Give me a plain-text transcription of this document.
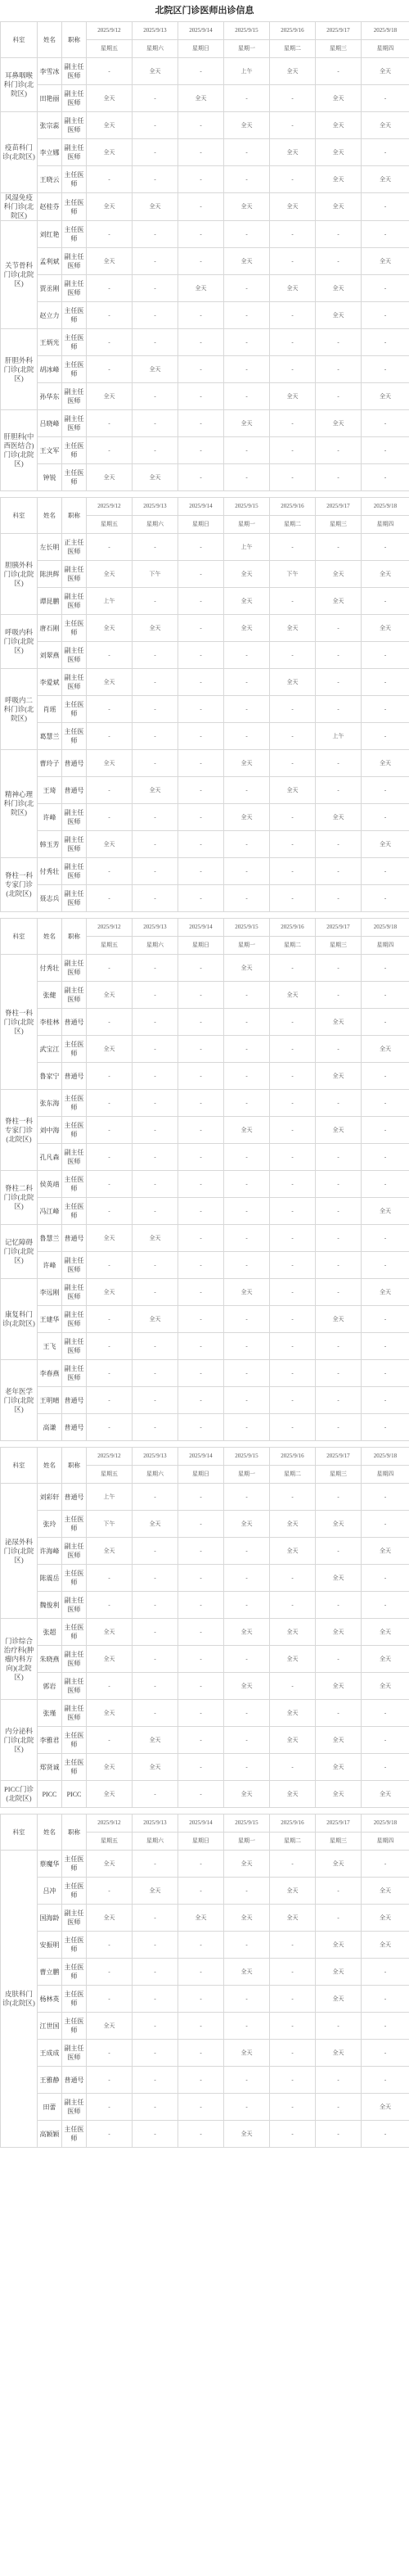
北院区门诊医师出诊信息
科室	姓名	职称	2025/9/12	2025/9/13	2025/9/14	2025/9/15	2025/9/16	2025/9/17	2025/9/18
			星期五	星期六	星期日	星期一	星期二	星期三	星期四
耳鼻咽喉科门诊(北院区)	李雪冰	副主任医师	-	全天	-	上午	全天	-	全天
	田艳丽	副主任医师	全天	-	全天	-	-	全天	-
疫苗科门诊(北院区)	张宗蕊	副主任医师	全天	-	-	全天	-	全天	全天
	李立娜	副主任医师	全天	-	-	-	全天	全天	-
	王晓云	主任医师	-	-	-	-	-	全天	全天
风湿免疫科门诊(北院区)	赵桂芬	主任医师	全天	全天	-	全天	全天	全天	-
关节骨科门诊(北院区)	刘红艳	主任医师	-	-	-	-	-	-	-
	孟利斌	副主任医师	全天	-	-	全天	-	-	全天
	贾丞刚	副主任医师	-	-	全天	-	全天	全天	-
	赵立力	主任医师	-	-	-	-	-	全天	-
肝胆外科门诊(北院区)	王炳光	主任医师	-	-	-	-	-	-	-
	胡冰峰	主任医师	-	全天	-	-	-	-	-
	孙华东	副主任医师	全天	-	-	-	全天	-	全天
肝胆科(中西医结合)门诊(北院区)	吕晓峰	副主任医师	-	-	-	全天	-	全天	-
	王文军	主任医师	-	-	-	-	-	-	-
	钟锐	主任医师	全天	全天	-	-	-	-	-

科室	姓名	职称	2025/9/12	2025/9/13	2025/9/14	2025/9/15	2025/9/16	2025/9/17	2025/9/18
			星期五	星期六	星期日	星期一	星期二	星期三	星期四
胆胰外科门诊(北院区)	左长明	正主任医师	-	-	-	上午	-	-	-
	陈洪辉	副主任医师	全天	下午	-	全天	下午	全天	全天
	谭昆鹏	副主任医师	上午	-	-	全天	-	全天	-
呼吸内科门诊(北院区)	唐石刚	主任医师	全天	全天	-	全天	全天	-	全天
	刘翠燕	副主任医师	-	-	-	-	-	-	-
呼吸内二科门诊(北院区)	李爱斌	副主任医师	全天	-	-	-	全天	-	-
	肖瑶	主任医师	-	-	-	-	-	-	-
	葛慧兰	主任医师	-	-	-	-	-	上午	-
精神心理科门诊(北院区)	曹玲子	普通号	全天	-	-	全天	-	-	全天
	王琦	普通号	-	全天	-	-	全天	-	-
	许峰	副主任医师	-	-	-	全天	-	全天	-
	韩玉芳	副主任医师	全天	-	-	-	-	-	全天
脊柱一科专家门诊(北院区)	付秀壮	副主任医师	-	-	-	-	-	-	-
	聂志兵	副主任医师	-	-	-	-	-	-	-

科室	姓名	职称	2025/9/12	2025/9/13	2025/9/14	2025/9/15	2025/9/16	2025/9/17	2025/9/18
			星期五	星期六	星期日	星期一	星期二	星期三	星期四
脊柱一科门诊(北院区)	付秀壮	副主任医师	-	-	-	全天	-	-	-
	张健	副主任医师	全天	-	-	-	全天	-	-
	李桂林	普通号	-	-	-	-	-	全天	-
	武宝江	主任医师	全天	-	-	-	-	-	全天
	鲁家宁	普通号	-	-	-	-	-	全天	-
脊柱一科专家门诊(北院区)	张东海	主任医师	-	-	-	-	-	-	-
	刘中海	主任医师	-	-	-	全天	-	全天	-
	孔凡森	副主任医师	-	-	-	-	-	-	-
脊柱二科门诊(北院区)	侯英靖	主任医师	-	-	-	-	-	-	-
	冯江峰	主任医师	-	-	-	-	-	-	全天
记忆障碍门诊(北院区)	鲁慧兰	普通号	全天	全天	-	-	-	-	-
	许峰	副主任医师	-	-	-	-	-	-	-
康复科门诊(北院区)	李远刚	副主任医师	全天	-	-	全天	-	-	全天
	王建华	副主任医师	-	全天	-	-	-	全天	-
	王飞	副主任医师	-	-	-	-	-	-	-
老年医学门诊(北院区)	李春燕	副主任医师	-	-	-	-	-	-	-
	王明晴	普通号	-	-	-	-	-	-	-
	高谦	普通号	-	-	-	-	-	-	-

科室	姓名	职称	2025/9/12	2025/9/13	2025/9/14	2025/9/15	2025/9/16	2025/9/17	2025/9/18
			星期五	星期六	星期日	星期一	星期二	星期三	星期四
泌尿外科门诊(北院区)	刘彩轩	普通号	上午	-	-	-	-	-	-
	张玲	主任医师	下午	全天	-	全天	全天	全天	-
	许海峰	副主任医师	全天	-	-	-	全天	-	全天
	陈震岳	主任医师	-	-	-	-	-	全天	-
	魏俊利	副主任医师	-	-	-	-	-	-	-
门诊综合治疗科(肿瘤内科方向)(北院区)	张超	主任医师	全天	-	-	全天	全天	全天	全天
	朱晓燕	副主任医师	全天	-	-	-	全天	-	全天
	郭岩	副主任医师	-	-	-	全天	-	全天	全天
内分泌科门诊(北院区)	张瑾	副主任医师	全天	-	-	-	全天	-	-
	李雅君	主任医师	-	全天	-	-	全天	全天	-
	郑贤诚	主任医师	全天	全天	-	-	-	全天	-
PICC门诊(北院区)	PICC	PICC	全天	-	-	全天	全天	全天	全天

科室	姓名	职称	2025/9/12	2025/9/13	2025/9/14	2025/9/15	2025/9/16	2025/9/17	2025/9/18
			星期五	星期六	星期日	星期一	星期二	星期三	星期四
皮肤科门诊(北院区)	蔡魔华	主任医师	全天	-	-	全天	-	全天	-
	吕冲	主任医师	-	全天	-	-	全天	-	全天
	国海龄	副主任医师	全天	-	全天	全天	全天	-	全天
	安振明	主任医师	-	-	-	-	-	全天	全天
	曹立鹏	主任医师	-	-	-	全天	-	全天	-
	杨林英	主任医师	-	-	-	-	-	全天	-
	江世国	主任医师	全天	-	-	-	-	-	-
	王成成	副主任医师	-	-	-	全天	-	全天	-
	王雅静	普通号	-	-	-	-	-	-	-
	田蕾	副主任医师	-	-	-	-	-	-	全天
	高颖颖	主任医师	-	-	-	全天	-	-	-
